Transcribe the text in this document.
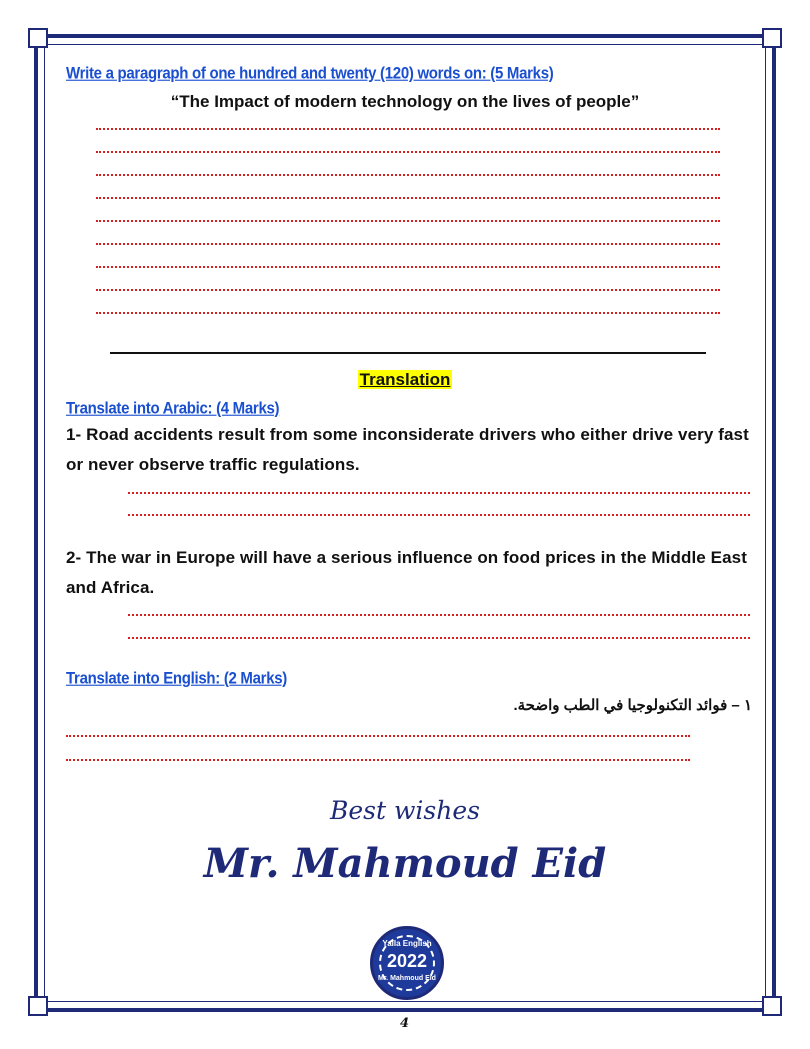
Write a paragraph of one hundred and twenty (120) words on: (5 Marks)
“The Impact of modern technology on the lives of people”
Translation
Translate into Arabic: (4 Marks)
1- Road accidents result from some inconsiderate drivers who either drive very fast or never observe traffic regulations.
2- The war in Europe will have a serious influence on food prices in the Middle East and Africa.
Translate into English: (2 Marks)
١ – فوائد التكنولوجيا في الطب واضحة.
Best wishes
Mr. Mahmoud Eid
Yalla English
2022
Mr. Mahmoud Eid
4
